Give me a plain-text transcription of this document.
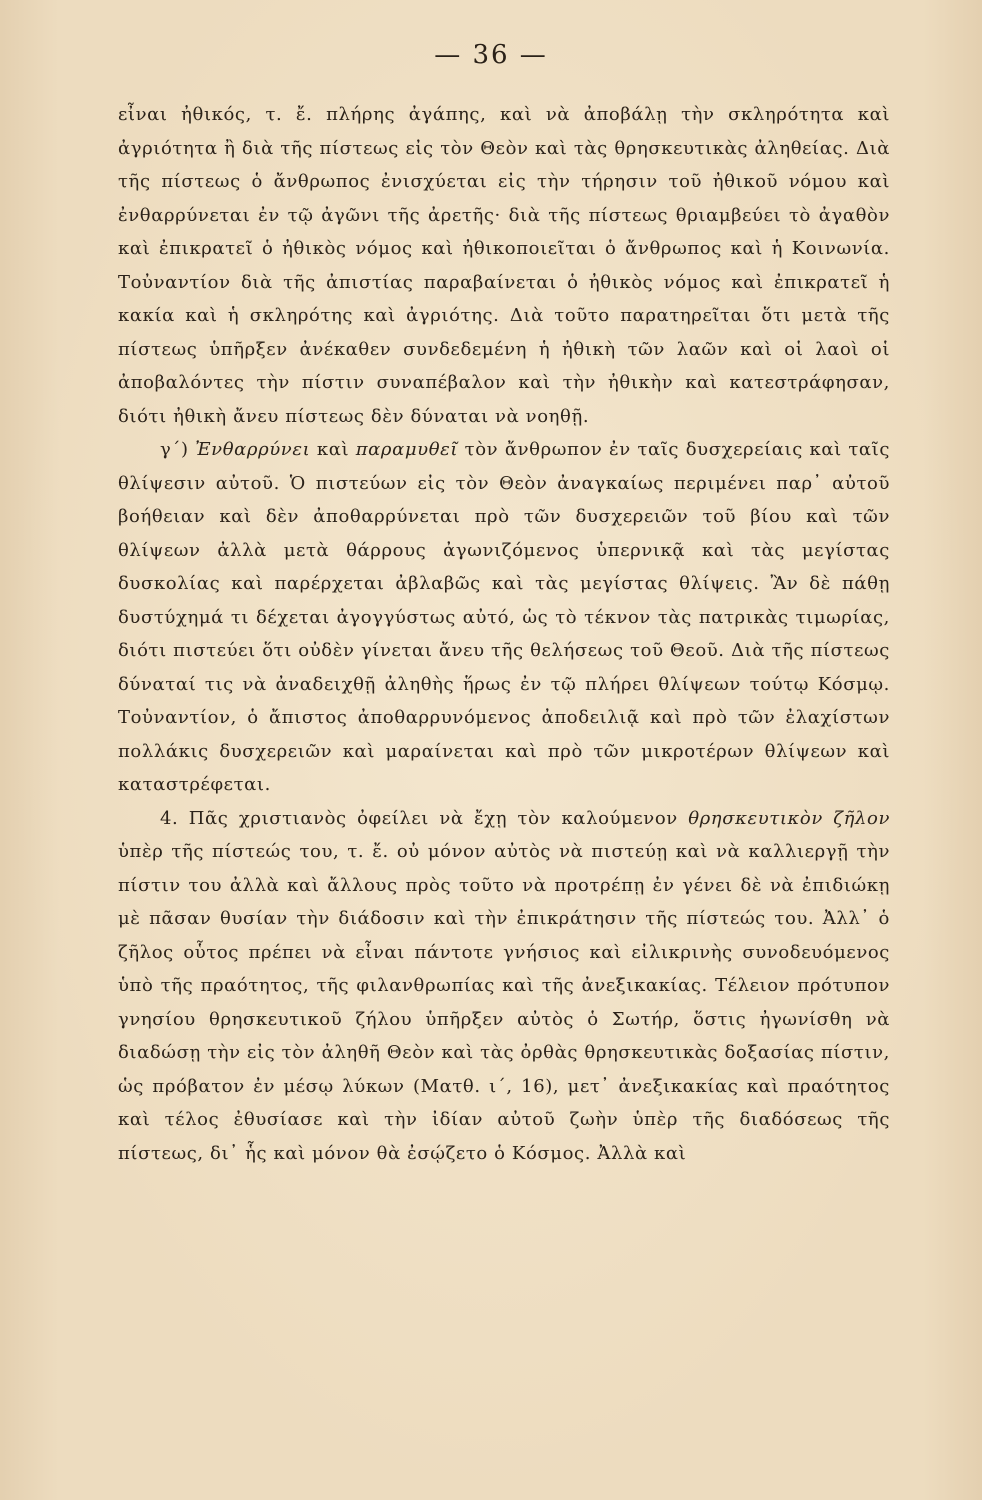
— 36 —

εἶναι ἠθικός, τ. ἔ. πλήρης ἀγάπης, καὶ νὰ ἀποβάλῃ τὴν σκληρότητα καὶ ἀγριότητα ἢ διὰ τῆς πίστεως εἰς τὸν Θεὸν καὶ τὰς θρησκευτικὰς ἀληθείας. Διὰ τῆς πίστεως ὁ ἄνθρωπος ἐνισχύεται εἰς τὴν τήρησιν τοῦ ἠθικοῦ νόμου καὶ ἐνθαρρύνεται ἐν τῷ ἀγῶνι τῆς ἀρετῆς· διὰ τῆς πίστεως θριαμβεύει τὸ ἀγαθὸν καὶ ἐπικρατεῖ ὁ ἠθικὸς νόμος καὶ ἠθικοποιεῖται ὁ ἄνθρωπος καὶ ἡ Κοινωνία. Τοὐναντίον διὰ τῆς ἀπιστίας παραβαίνεται ὁ ἠθικὸς νόμος καὶ ἐπικρατεῖ ἡ κακία καὶ ἡ σκληρότης καὶ ἀγριότης. Διὰ τοῦτο παρατηρεῖται ὅτι μετὰ τῆς πίστεως ὑπῆρξεν ἀνέκαθεν συνδεδεμένη ἡ ἠθικὴ τῶν λαῶν καὶ οἱ λαοὶ οἱ ἀποβαλόντες τὴν πίστιν συναπέβαλον καὶ τὴν ἠθικὴν καὶ κατεστράφησαν, διότι ἠθικὴ ἄνευ πίστεως δὲν δύναται νὰ νοηθῇ.

γ΄) Ἐνθαρρύνει καὶ παραμυθεῖ τὸν ἄνθρωπον ἐν ταῖς δυσχερείαις καὶ ταῖς θλίψεσιν αὐτοῦ. Ὁ πιστεύων εἰς τὸν Θεὸν ἀναγκαίως περιμένει παρ᾿ αὐτοῦ βοήθειαν καὶ δὲν ἀποθαρρύνεται πρὸ τῶν δυσχερειῶν τοῦ βίου καὶ τῶν θλίψεων ἀλλὰ μετὰ θάρρους ἀγωνιζόμενος ὑπερνικᾷ καὶ τὰς μεγίστας δυσκολίας καὶ παρέρχεται ἀβλαβῶς καὶ τὰς μεγίστας θλίψεις. Ἂν δὲ πάθῃ δυστύχημά τι δέχεται ἀγογγύστως αὐτό, ὡς τὸ τέκνον τὰς πατρικὰς τιμωρίας, διότι πιστεύει ὅτι οὐδὲν γίνεται ἄνευ τῆς θελήσεως τοῦ Θεοῦ. Διὰ τῆς πίστεως δύναταί τις νὰ ἀναδειχθῇ ἀληθὴς ἥρως ἐν τῷ πλήρει θλίψεων τούτῳ Κόσμῳ. Τοὐναντίον, ὁ ἄπιστος ἀποθαρρυνόμενος ἀποδειλιᾷ καὶ πρὸ τῶν ἐλαχίστων πολλάκις δυσχερειῶν καὶ μαραίνεται καὶ πρὸ τῶν μικροτέρων θλίψεων καὶ καταστρέφεται.

4. Πᾶς χριστιανὸς ὀφείλει νὰ ἔχῃ τὸν καλούμενον θρησκευτικὸν ζῆλον ὑπὲρ τῆς πίστεώς του, τ. ἔ. οὐ μόνον αὐτὸς νὰ πιστεύῃ καὶ νὰ καλλιεργῇ τὴν πίστιν του ἀλλὰ καὶ ἄλλους πρὸς τοῦτο νὰ προτρέπῃ ἐν γένει δὲ νὰ ἐπιδιώκῃ μὲ πᾶσαν θυσίαν τὴν διάδοσιν καὶ τὴν ἐπικράτησιν τῆς πίστεώς του. Ἀλλ᾿ ὁ ζῆλος οὗτος πρέπει νὰ εἶναι πάντοτε γνήσιος καὶ εἰλικρινὴς συνοδευόμενος ὑπὸ τῆς πραότητος, τῆς φιλανθρωπίας καὶ τῆς ἀνεξικακίας. Τέλειον πρότυπον γνησίου θρησκευτικοῦ ζήλου ὑπῆρξεν αὐτὸς ὁ Σωτήρ, ὅστις ἠγωνίσθη νὰ διαδώσῃ τὴν εἰς τὸν ἀληθῆ Θεὸν καὶ τὰς ὀρθὰς θρησκευτικὰς δοξασίας πίστιν, ὡς πρόβατον ἐν μέσῳ λύκων (Ματθ. ι΄, 16), μετ᾿ ἀνεξικακίας καὶ πραότητος καὶ τέλος ἐθυσίασε καὶ τὴν ἰδίαν αὐτοῦ ζωὴν ὑπὲρ τῆς διαδόσεως τῆς πίστεως, δι᾿ ἧς καὶ μόνον θὰ ἐσῴζετο ὁ Κόσμος. Ἀλλὰ καὶ
